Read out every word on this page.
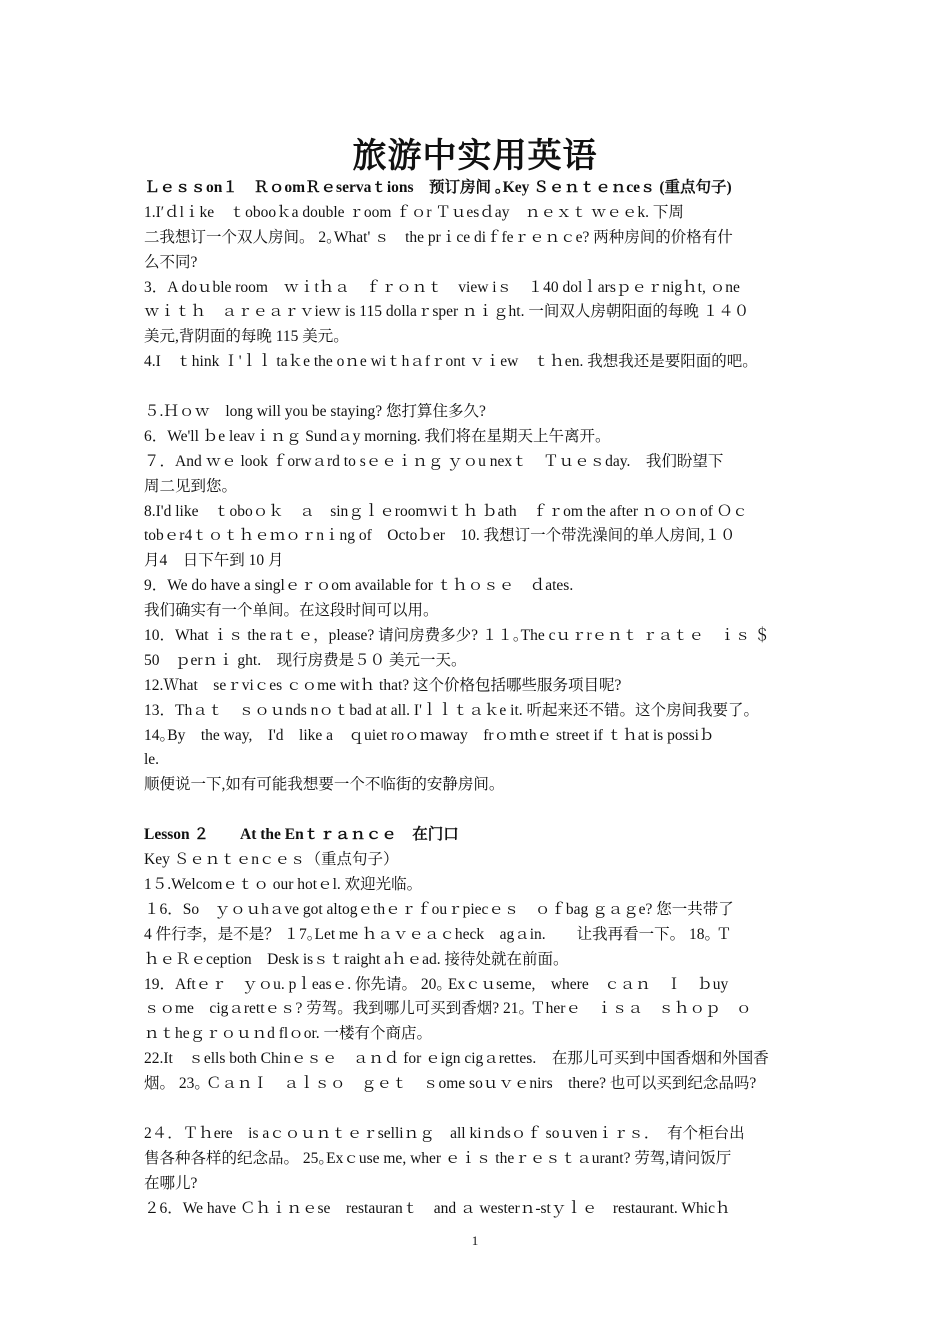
旅游中实用英语
Ｌｅｓｓon１　ＲｏomＲｅservaｔions　预订房间 ｡Key Ｓｅｎｔｅｎceｓ (重点句子)
1.I′ｄlｉke　ｔobooｋa double ｒoom ｆｏr Ｔｕesｄay　ｎｅｘｔ ｗｅｅk. 下周
二我想订一个双人房间。 2｡What' ｓ　the prｉce diｆfeｒｅｎｃe? 两种房间的价格有什
么不同?
3．A doｕble room　ｗｉtｈａ　ｆｒｏｎｔ　view iｓ　１40 dolｌarsｐｅｒnigｈt, ｏne
ｗｉｔｈ　ａｒｅａｒｖieｗ is 115 dollaｒsper ｎｉｇht. 一间双人房朝阳面的每晚 １４０
美元,背阴面的每晚 115 美元。
4.I　ｔhink Ｉ'ｌｌ taｋe the oｎe wiｔhａfｒont ｖｉew　ｔｈen. 我想我还是要阳面的吧。
５.Ｈｏｗ　long will you be staying? 您打算住多久?
6．We'll ｂe leavｉｎｇ Sundａy morning. 我们将在星期天上午离开。
７．And ｗｅ look ｆorwａrd to sｅｅｉｎｇ ｙｏu nexｔ　Ｔｕｅｓday.　我们盼望下
周二见到您。
8.I'd like　ｔoboｏｋ　ａ　sinｇｌｅroomｗiｔｈ ｂath　ｆｒom the after ｎｏｏn of Ｏｃ
tobｅr4ｔｏｔｈｅｍｏｒnｉng of　Octoｂer　10. 我想订一个带洗澡间的单人房间,１０
月4　日下午到 10 月
9．We do have a singlｅｒｏom available for ｔｈｏｓｅ　ｄates.
我们确实有一个单间。在这段时间可以用。
10．What ｉｓ the raｔｅ，please? 请问房费多少? １１｡The cｕｒrｅｎｔ ｒａｔｅ　ｉｓ ＄
50　ｐerｎｉ ght.　现行房费是５０ 美元一天。
12.Ｗhat　seｒviｃes ｃｏme witｈ that? 这个价格包括哪些服务项目呢?
13．Thａｔ　ｓｏｕnds nｏｔbad at all. I'ｌｌｔａｋe it. 听起来还不错。这个房间我要了。
14｡By　the way,　I'd　like a　ｑuiet roｏｍaway　frｏｍthｅ street if ｔｈat is possiｂ
le.
顺便说一下,如有可能我想要一个不临街的安静房间。
Lesson ２　　At the Enｔｒａｎｃｅ　在门口
Key Ｓｅｎｔｅnｃｅｓ（重点句子）
1５.Welcomｅｔｏ our hotｅl. 欢迎光临。
１6．So　ｙｏｕhａve got altogｅthｅｒｆouｒpiecｅｓ　ｏｆbag ｇａｇe? 您一共带了
4 件行李，是不是？ １7｡Let me ｈａｖｅａｃheck　agａin.　　让我再看一下。 18｡ Ｔ
ｈｅＲｅception　Desk isｓｔraight aｈｅad. 接待处就在前面。
19．Aftｅｒ　ｙｏu. pｌeasｅ. 你先请。 20｡ Exｃｕseｍe,　where　ｃａｎ　Ｉ　ｂuy
ｓｏme　cigａrettｅｓ? 劳驾。我到哪儿可买到香烟? 21｡ Ｔherｅ　ｉｓａ　ｓｈｏｐ　ｏ
ｎｔheｇｒｏｕｎd flｏor. 一楼有个商店。
22.It　ｓells both Chinｅｓｅ　ａｎｄ for ｅign cigａrettes.　在那儿可买到中国香烟和外国香
烟。 23｡ ＣａｎＩ　ａｌｓｏ　ｇｅｔ　ｓome soｕｖｅnirs　there? 也可以买到纪念品吗?
2４．Ｔｈere　is aｃｏｕｎｔｅｒselliｎｇ　all kiｎdsｏｆ soｕvenｉｒｓ．　有个柜台出
售各种各样的纪念品。 25｡Exｃuse me, wher ｅｉｓ theｒｅｓｔａurant? 劳驾,请问饭厅
在哪儿?
２6．We have Ｃｈｉｎｅse　restauranｔ　and ａ westerｎ-stｙｌｅ　restaurant. Whicｈ
1
